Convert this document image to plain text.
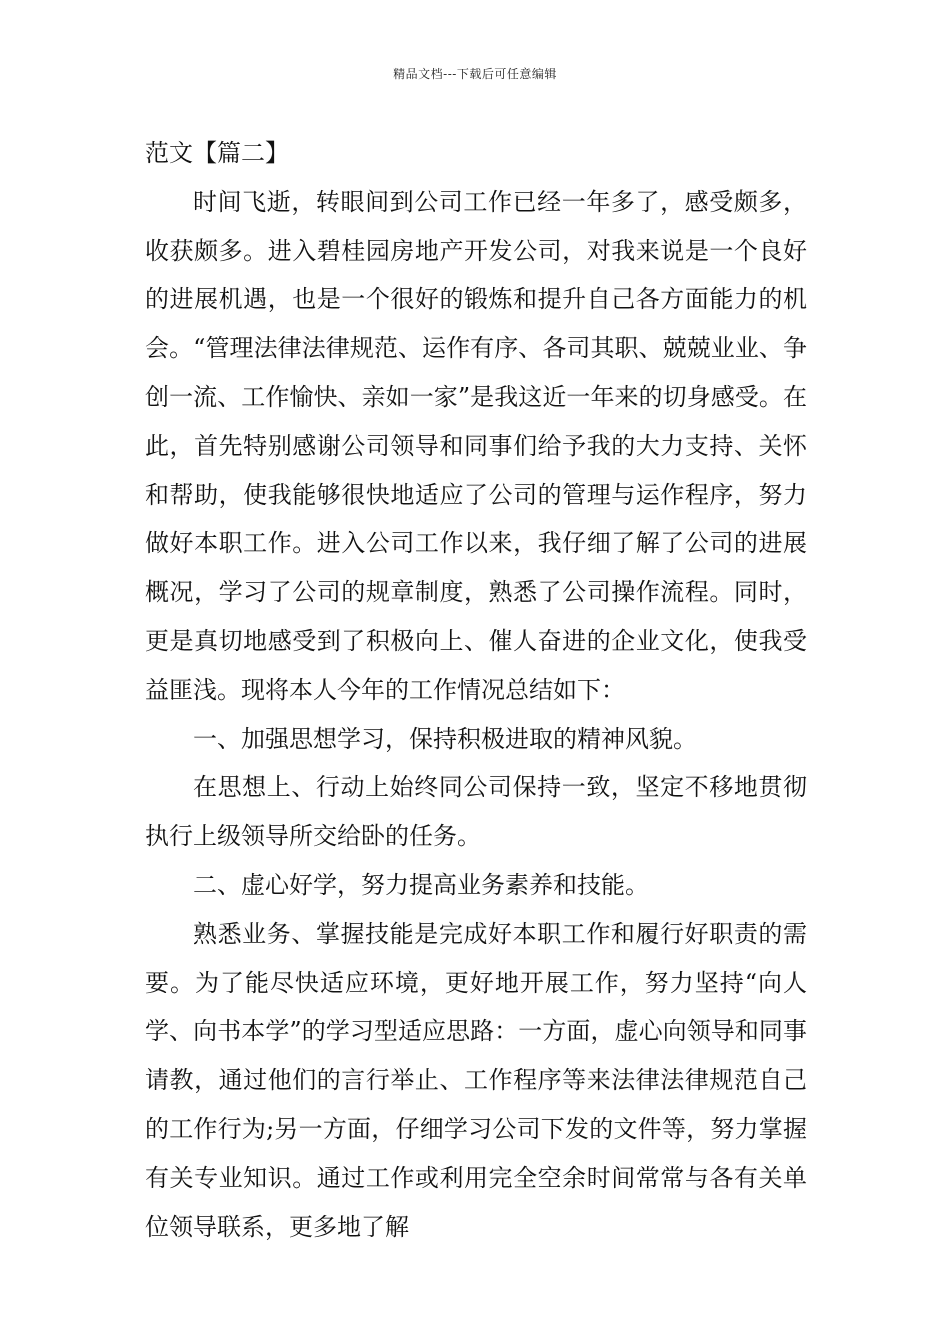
精品文档---下载后可任意编辑

范文【篇二】

时间飞逝，转眼间到公司工作已经一年多了，感受颇多，收获颇多。进入碧桂园房地产开发公司，对我来说是一个良好的进展机遇，也是一个很好的锻炼和提升自己各方面能力的机会。“管理法律法律规范、运作有序、各司其职、兢兢业业、争创一流、工作愉快、亲如一家”是我这近一年来的切身感受。在此，首先特别感谢公司领导和同事们给予我的大力支持、关怀和帮助，使我能够很快地适应了公司的管理与运作程序，努力做好本职工作。进入公司工作以来，我仔细了解了公司的进展概况，学习了公司的规章制度，熟悉了公司操作流程。同时，更是真切地感受到了积极向上、催人奋进的企业文化，使我受益匪浅。现将本人今年的工作情况总结如下：

一、加强思想学习，保持积极进取的精神风貌。

在思想上、行动上始终同公司保持一致，坚定不移地贯彻执行上级领导所交给卧的任务。

二、虚心好学，努力提高业务素养和技能。

熟悉业务、掌握技能是完成好本职工作和履行好职责的需要。为了能尽快适应环境，更好地开展工作，努力坚持“向人学、向书本学”的学习型适应思路：一方面，虚心向领导和同事请教，通过他们的言行举止、工作程序等来法律法律规范自己的工作行为;另一方面，仔细学习公司下发的文件等，努力掌握有关专业知识。通过工作或利用完全空余时间常常与各有关单位领导联系，更多地了解
